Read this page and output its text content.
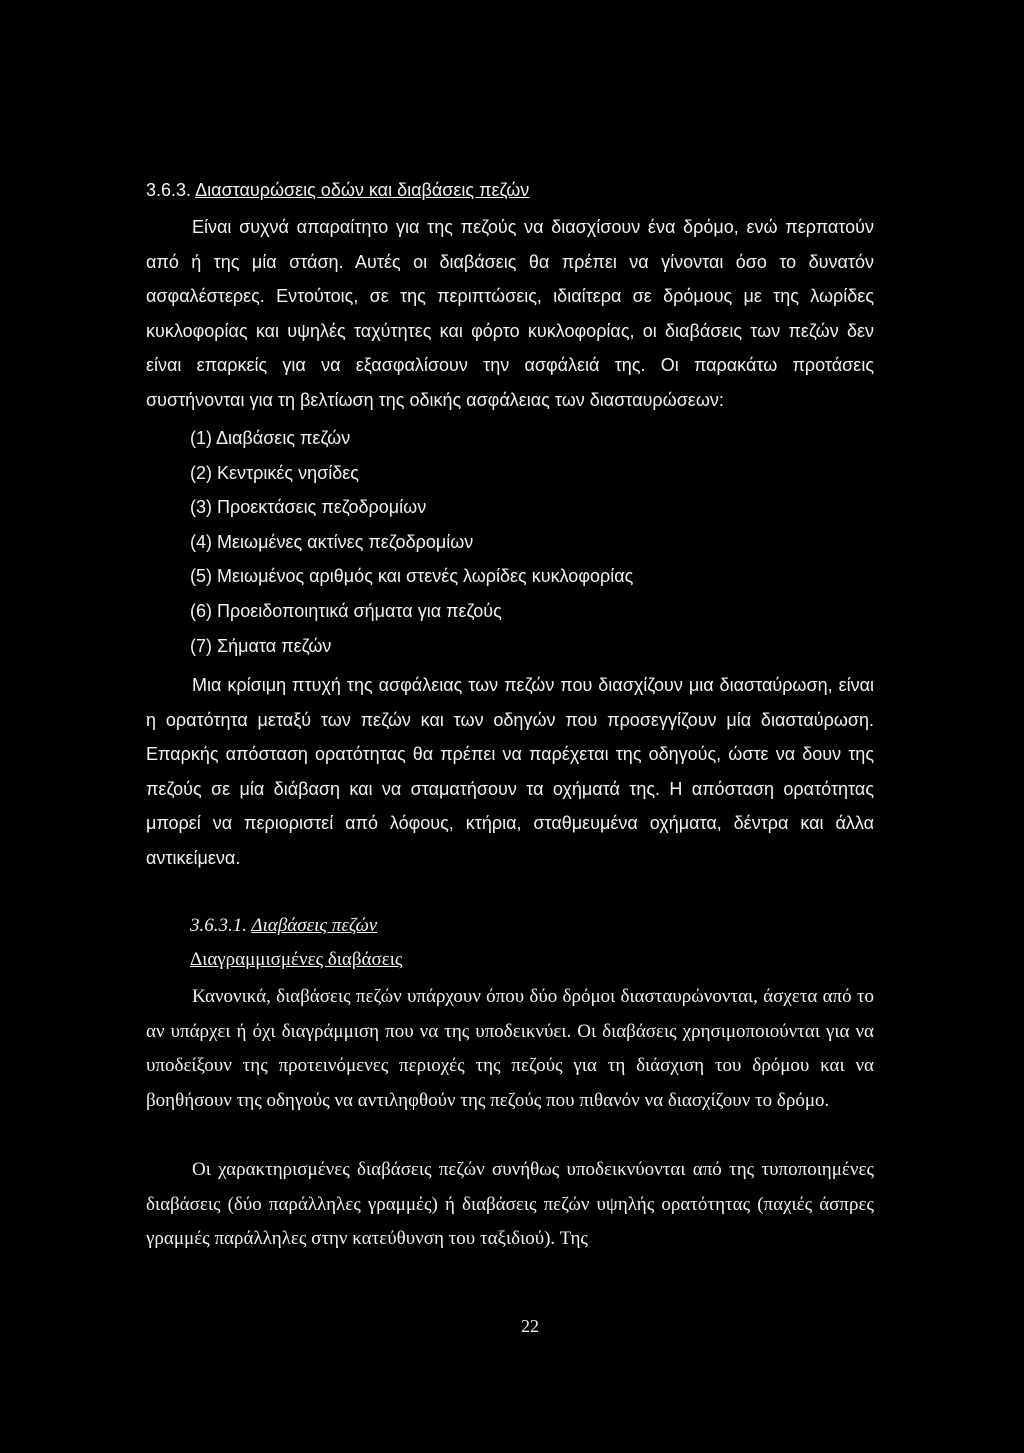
3.6.3. Διασταυρώσεις οδών και διαβάσεις πεζών

Είναι συχνά απαραίτητο για της πεζούς να διασχίσουν ένα δρόμο, ενώ περπατούν από ή της μία στάση. Αυτές οι διαβάσεις θα πρέπει να γίνονται όσο το δυνατόν ασφαλέστερες. Εντούτοις, σε της περιπτώσεις, ιδιαίτερα σε δρόμους με της λωρίδες κυκλοφορίας και υψηλές ταχύτητες και φόρτο κυκλοφορίας, οι διαβάσεις των πεζών δεν είναι επαρκείς για να εξασφαλίσουν την ασφάλειά της. Οι παρακάτω προτάσεις συστήνονται για τη βελτίωση της οδικής ασφάλειας των διασταυρώσεων:

(1) Διαβάσεις πεζών
(2) Κεντρικές νησίδες
(3) Προεκτάσεις πεζοδρομίων
(4) Μειωμένες ακτίνες πεζοδρομίων
(5) Μειωμένος αριθμός και στενές λωρίδες κυκλοφορίας
(6) Προειδοποιητικά σήματα για πεζούς
(7) Σήματα πεζών

Μια κρίσιμη πτυχή της ασφάλειας των πεζών που διασχίζουν μια διασταύρωση, είναι η ορατότητα μεταξύ των πεζών και των οδηγών που προσεγγίζουν μία διασταύρωση. Επαρκής απόσταση ορατότητας θα πρέπει να παρέχεται της οδηγούς, ώστε να δουν της πεζούς σε μία διάβαση και να σταματήσουν τα οχήματά της. Η απόσταση ορατότητας μπορεί να περιοριστεί από λόφους, κτήρια, σταθμευμένα οχήματα, δέντρα και άλλα αντικείμενα.

3.6.3.1. Διαβάσεις πεζών
Διαγραμμισμένες διαβάσεις

Κανονικά, διαβάσεις πεζών υπάρχουν όπου δύο δρόμοι διασταυρώνονται, άσχετα από το αν υπάρχει ή όχι διαγράμμιση που να της υποδεικνύει. Οι διαβάσεις χρησιμοποιούνται για να υποδείξουν της προτεινόμενες περιοχές της πεζούς για τη διάσχιση του δρόμου και να βοηθήσουν της οδηγούς να αντιληφθούν της πεζούς που πιθανόν να διασχίζουν το δρόμο.

Οι χαρακτηρισμένες διαβάσεις πεζών συνήθως υποδεικνύονται από της τυποποιημένες διαβάσεις (δύο παράλληλες γραμμές) ή διαβάσεις πεζών υψηλής ορατότητας (παχιές άσπρες γραμμές παράλληλες στην κατεύθυνση του ταξιδιού). Της

22
